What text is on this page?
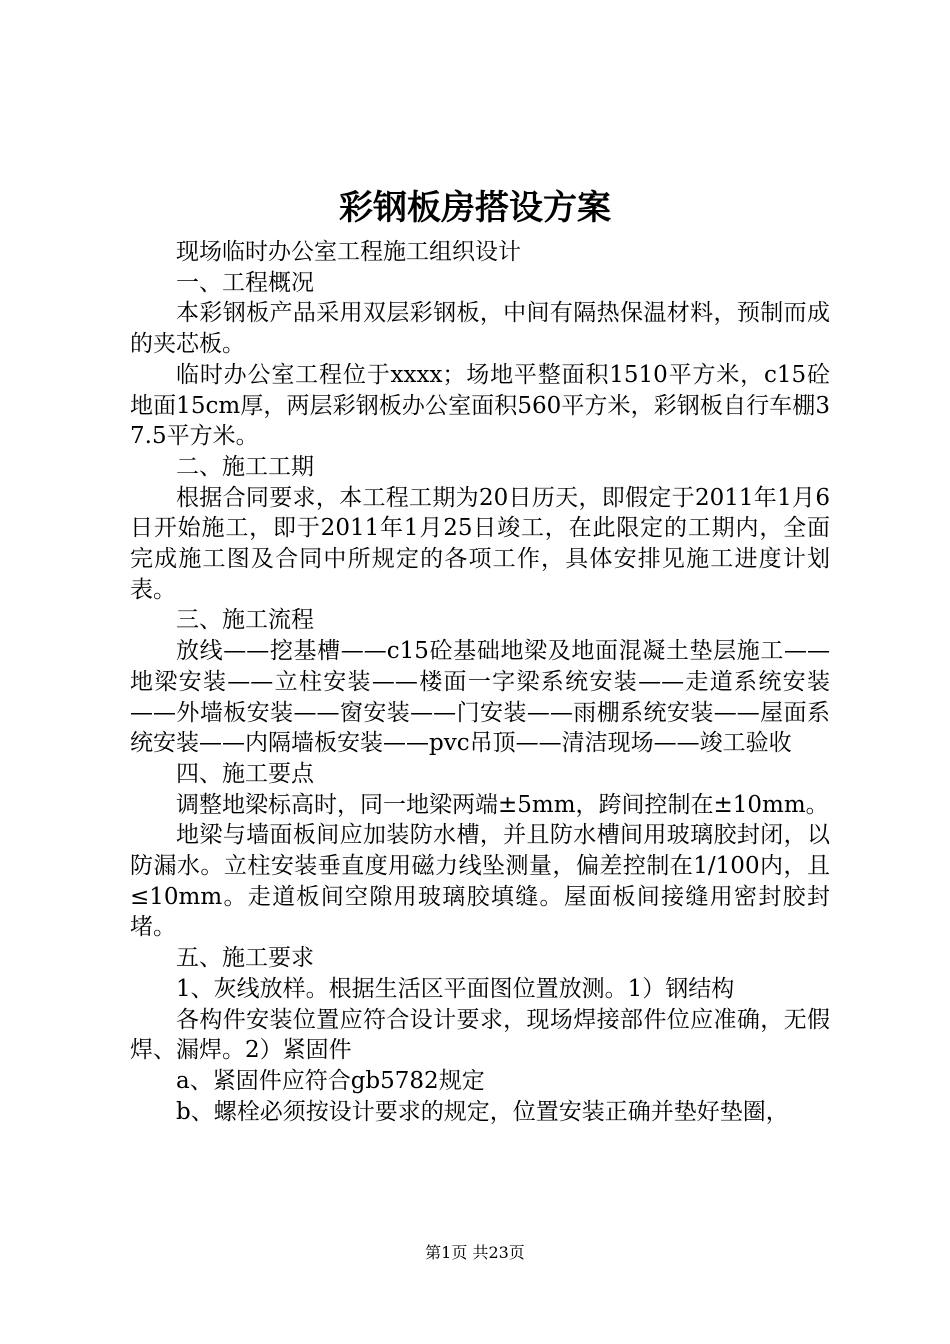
彩钢板房搭设方案

现场临时办公室工程施工组织设计

一、工程概况

本彩钢板产品采用双层彩钢板，中间有隔热保温材料，预制而成的夹芯板。

临时办公室工程位于xxxx；场地平整面积1510平方米，c15砼地面15cm厚，两层彩钢板办公室面积560平方米，彩钢板自行车棚37.5平方米。

二、施工工期

根据合同要求，本工程工期为20日历天，即假定于2011年1月6日开始施工，即于2011年1月25日竣工，在此限定的工期内，全面完成施工图及合同中所规定的各项工作，具体安排见施工进度计划表。

三、施工流程

放线——挖基槽——c15砼基础地梁及地面混凝土垫层施工——地梁安装——立柱安装——楼面一字梁系统安装——走道系统安装——外墙板安装——窗安装——门安装——雨棚系统安装——屋面系统安装——内隔墙板安装——pvc吊顶——清洁现场——竣工验收

四、施工要点

调整地梁标高时，同一地梁两端±5mm，跨间控制在±10mm。

地梁与墙面板间应加装防水槽，并且防水槽间用玻璃胶封闭，以防漏水。立柱安装垂直度用磁力线坠测量，偏差控制在1/100内，且≤10mm。走道板间空隙用玻璃胶填缝。屋面板间接缝用密封胶封堵。

五、施工要求

1、灰线放样。根据生活区平面图位置放测。1）钢结构

各构件安装位置应符合设计要求，现场焊接部件位应准确，无假焊、漏焊。2）紧固件

a、紧固件应符合gb5782规定

b、螺栓必须按设计要求的规定，位置安装正确并垫好垫圈，

第1页 共23页
